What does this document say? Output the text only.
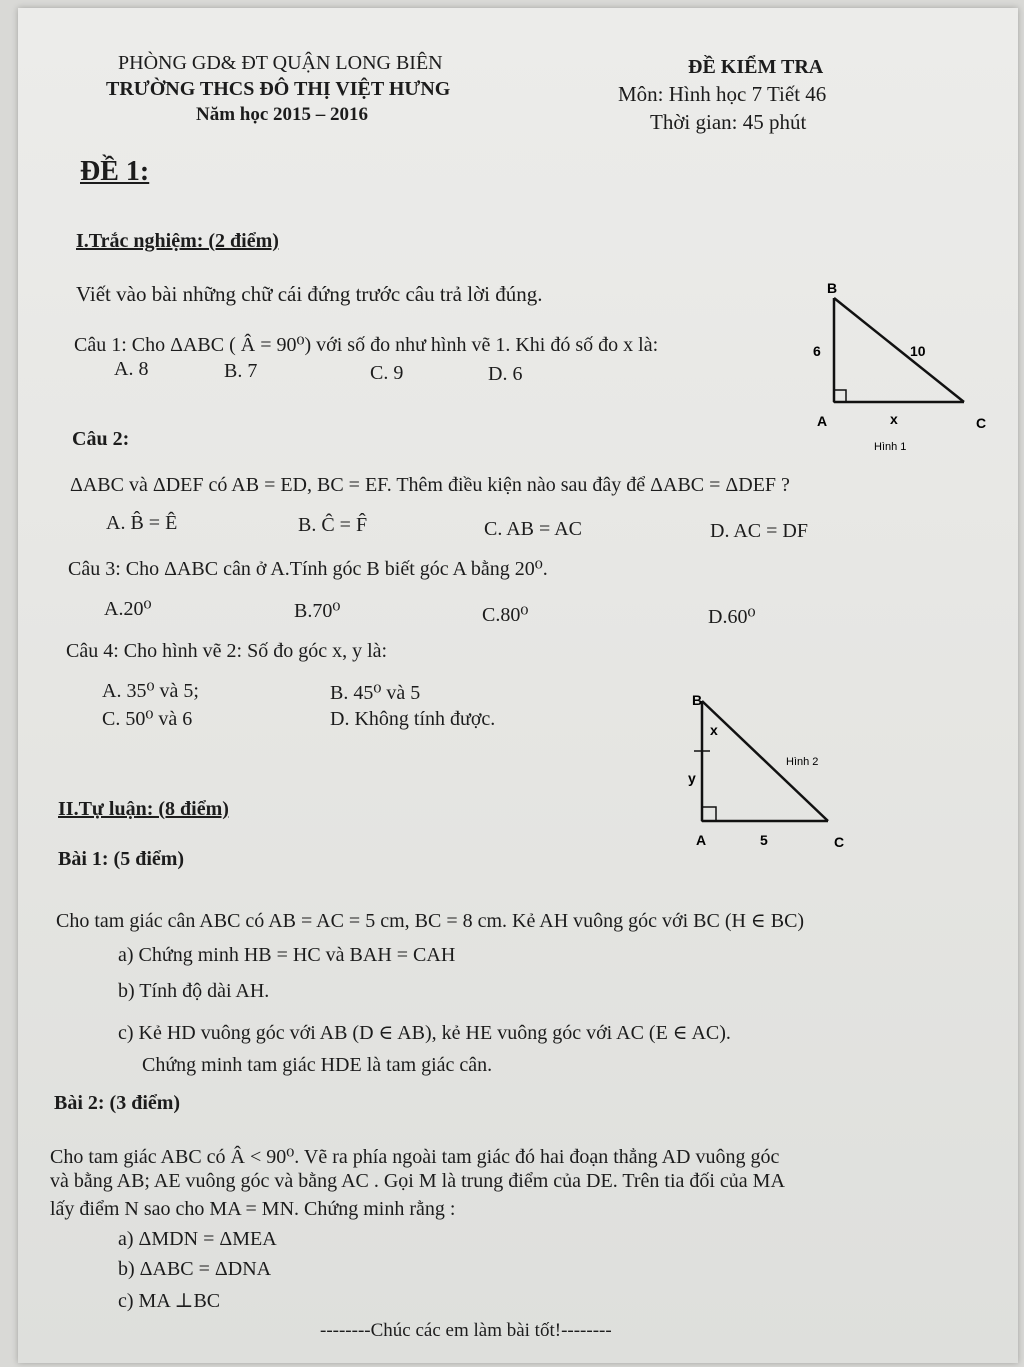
PHÒNG GD& ĐT QUẬN LONG BIÊN
TRƯỜNG THCS ĐÔ THỊ VIỆT HƯNG
Năm học 2015 – 2016
ĐỀ KIỂM TRA
Môn: Hình học 7 Tiết 46
Thời gian: 45 phút
ĐỀ 1:
I.Trắc nghiệm: (2 điểm)
Viết vào bài những chữ cái đứng trước câu trả lời đúng.
Câu 1: Cho ΔABC ( Â = 90⁰) với số đo như hình vẽ 1. Khi đó số đo x là:
A. 8	B. 7	C. 9	D. 6
B
6	10
A	x	C
Hình 1
Câu 2:
ΔABC và ΔDEF có AB = ED, BC = EF. Thêm điều kiện nào sau đây để ΔABC = ΔDEF ?
A. B̂ = Ê	B. Ĉ = F̂	C. AB = AC	D. AC = DF
Câu 3: Cho ΔABC cân ở A.Tính góc B biết góc A bằng 20⁰.
A.20⁰	B.70⁰	C.80⁰	D.60⁰
Câu 4: Cho hình vẽ 2: Số đo góc x, y là:
A. 35⁰ và 5;	B. 45⁰ và 5
C. 50⁰ và 6	D. Không tính được.
B
x
y
Hình 2
A	5	C
II.Tự luận: (8 điểm)
Bài 1: (5 điểm)
Cho tam giác cân ABC có AB = AC = 5 cm, BC = 8 cm. Kẻ AH vuông góc với BC (H ∈ BC)
a) Chứng minh HB = HC và BAH = CAH
b) Tính độ dài AH.
c) Kẻ HD vuông góc với AB (D ∈ AB), kẻ HE vuông góc với AC (E ∈ AC).
Chứng minh tam giác HDE là tam giác cân.
Bài 2: (3 điểm)
Cho tam giác ABC có Â < 90⁰. Vẽ ra phía ngoài tam giác đó hai đoạn thẳng AD vuông góc
và bằng AB; AE vuông góc và bằng AC . Gọi M là trung điểm của DE. Trên tia đối của MA
lấy điểm N sao cho MA = MN. Chứng minh rằng :
a) ΔMDN = ΔMEA
b) ΔABC = ΔDNA
c) MA ⊥BC
--------Chúc các em làm bài tốt!--------
